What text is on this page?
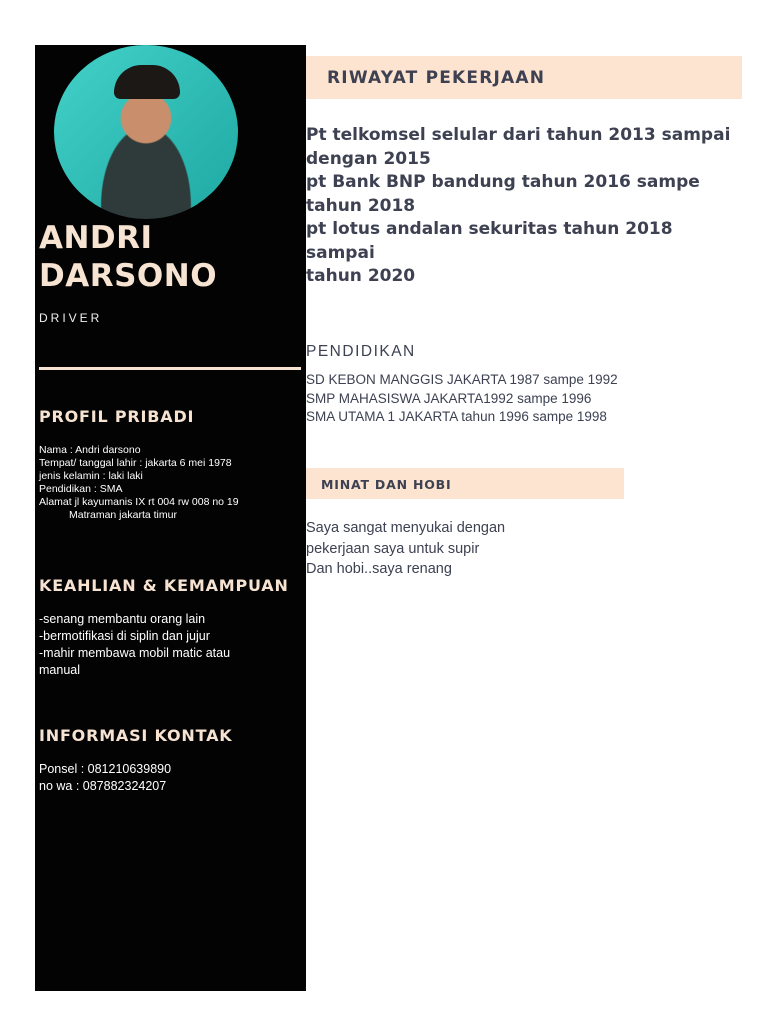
ANDRI
DARSONO
DRIVER
PROFIL PRIBADI
Nama : Andri darsono
Tempat/ tanggal lahir : jakarta 6 mei 1978
jenis kelamin : laki laki
Pendidikan : SMA
Alamat jl kayumanis IX rt 004 rw 008 no 19
Matraman jakarta timur
KEAHLIAN & KEMAMPUAN
-senang membantu orang lain
-bermotifikasi di siplin dan jujur
-mahir membawa mobil matic atau
manual
INFORMASI KONTAK
Ponsel : 081210639890
no wa : 087882324207
RIWAYAT PEKERJAAN
Pt telkomsel selular dari tahun 2013 sampai
dengan 2015
pt Bank BNP bandung tahun 2016 sampe
tahun 2018
pt lotus andalan sekuritas tahun 2018 sampai
tahun 2020
PENDIDIKAN
SD KEBON MANGGIS JAKARTA 1987 sampe 1992
SMP MAHASISWA JAKARTA1992 sampe 1996
SMA UTAMA 1 JAKARTA tahun 1996 sampe 1998
MINAT DAN HOBI
Saya sangat menyukai dengan
pekerjaan saya untuk supir
Dan hobi..saya renang
